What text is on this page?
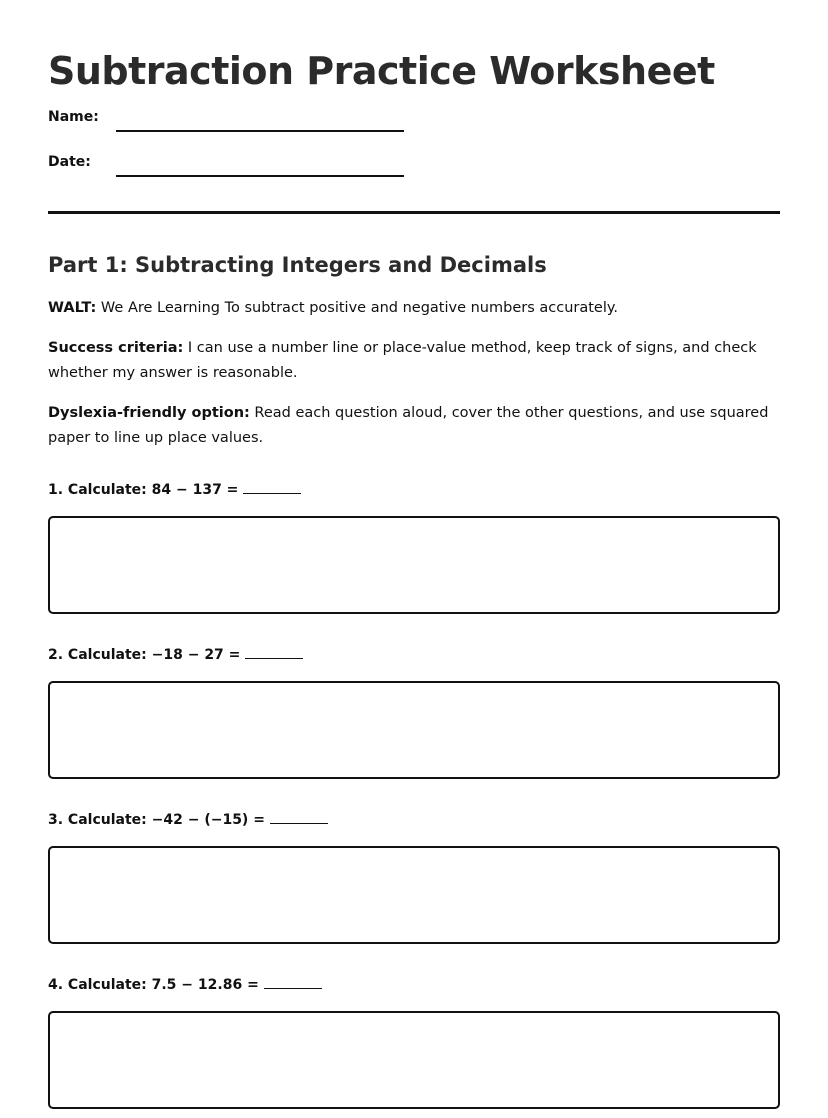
Subtraction Practice Worksheet
Name:
Date:
Part 1: Subtracting Integers and Decimals

WALT: We Are Learning To subtract positive and negative numbers accurately.

Success criteria: I can use a number line or place-value method, keep track of signs, and check whether my answer is reasonable.

Dyslexia-friendly option: Read each question aloud, cover the other questions, and use squared paper to line up place values.

1. Calculate: 84 − 137 =
2. Calculate: −18 − 27 =
3. Calculate: −42 − (−15) =
4. Calculate: 7.5 − 12.86 =
